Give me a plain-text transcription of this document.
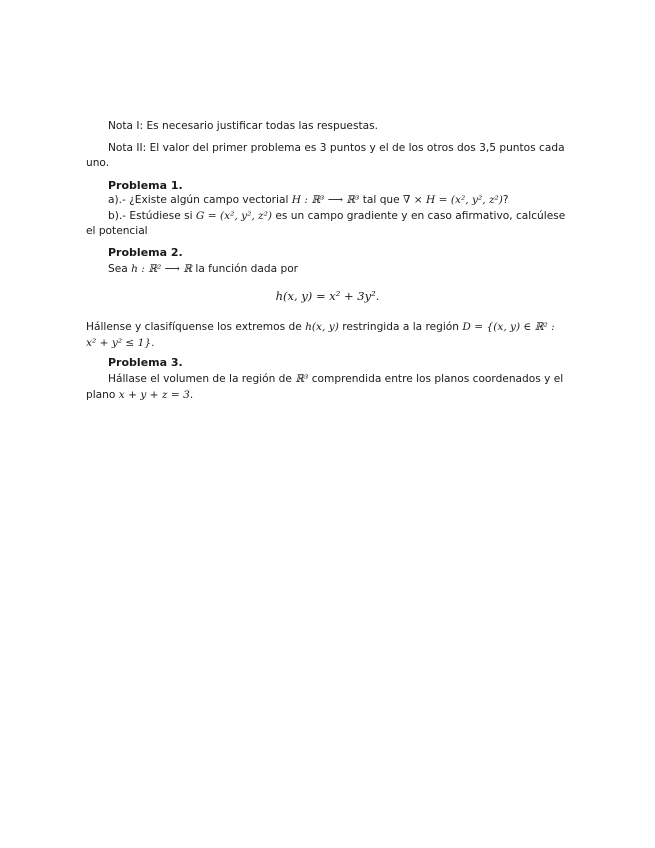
Nota I: Es necesario justificar todas las respuestas.
Nota II: El valor del primer problema es 3 puntos y el de los otros dos 3,5 puntos cada
uno.
Problema 1.
a).- ¿Existe algún campo vectorial H : ℝ³ ⟶ ℝ³ tal que ∇ × H = (x², y², z²)?
b).- Estúdiese si G = (x², y², z²) es un campo gradiente y en caso afirmativo, calcúlese
el potencial
Problema 2.
Sea h : ℝ² ⟶ ℝ la función dada por
h(x, y) = x² + 3y².
Hállense y clasifíquense los extremos de h(x, y) restringida a la región D = {(x, y) ∈ ℝ² :
x² + y² ≤ 1}.
Problema 3.
Hállase el volumen de la región de ℝ³ comprendida entre los planos coordenados y el
plano x + y + z = 3.
